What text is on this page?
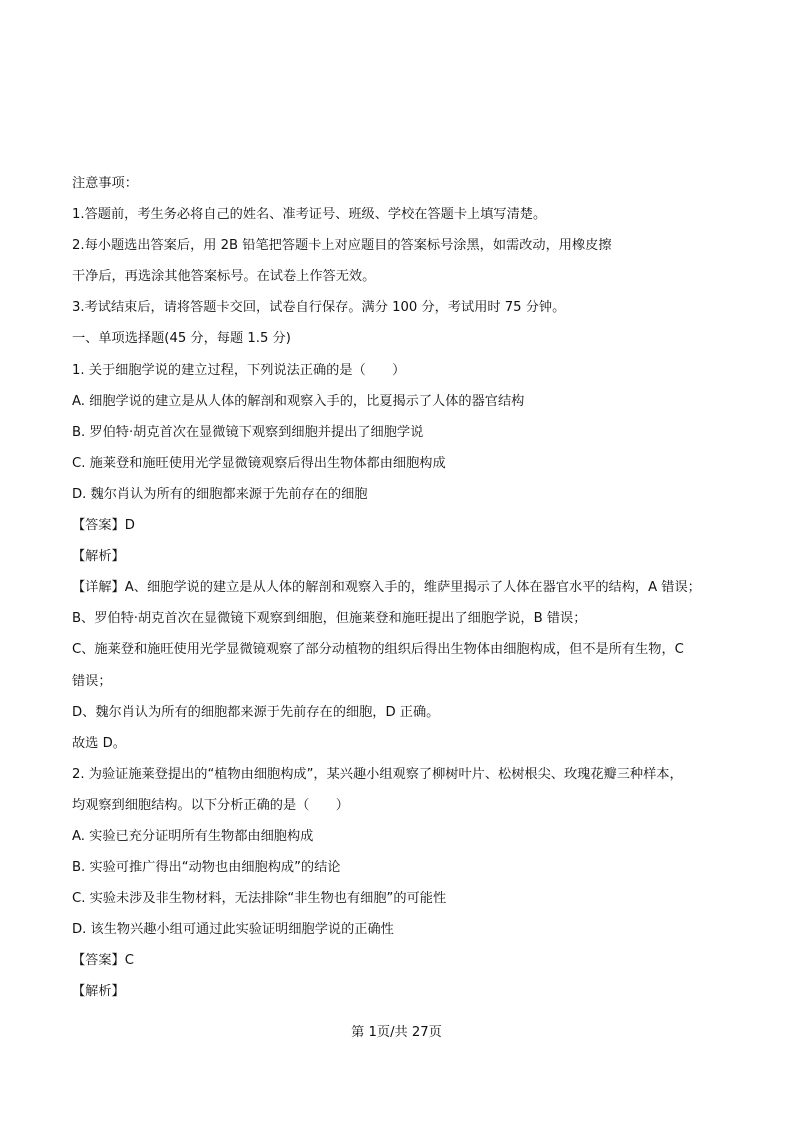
注意事项：
1.答题前，考生务必将自己的姓名、准考证号、班级、学校在答题卡上填写清楚。
2.每小题选出答案后，用 2B 铅笔把答题卡上对应题目的答案标号涂黑，如需改动，用橡皮擦
干净后，再选涂其他答案标号。在试卷上作答无效。
3.考试结束后，请将答题卡交回，试卷自行保存。满分 100 分，考试用时 75 分钟。
一、单项选择题(45 分，每题 1.5 分)
1. 关于细胞学说的建立过程，下列说法正确的是（　　）
A. 细胞学说的建立是从人体的解剖和观察入手的，比夏揭示了人体的器官结构
B. 罗伯特·胡克首次在显微镜下观察到细胞并提出了细胞学说
C. 施莱登和施旺使用光学显微镜观察后得出生物体都由细胞构成
D. 魏尔肖认为所有的细胞都来源于先前存在的细胞
【答案】D
【解析】
【详解】A、细胞学说的建立是从人体的解剖和观察入手的，维萨里揭示了人体在器官水平的结构，A 错误；
B、罗伯特·胡克首次在显微镜下观察到细胞，但施莱登和施旺提出了细胞学说，B 错误；
C、施莱登和施旺使用光学显微镜观察了部分动植物的组织后得出生物体由细胞构成，但不是所有生物，C
错误；
D、魏尔肖认为所有的细胞都来源于先前存在的细胞，D 正确。
故选 D。
2. 为验证施莱登提出的“植物由细胞构成”，某兴趣小组观察了柳树叶片、松树根尖、玫瑰花瓣三种样本，
均观察到细胞结构。以下分析正确的是（　　）
A. 实验已充分证明所有生物都由细胞构成
B. 实验可推广得出“动物也由细胞构成”的结论
C. 实验未涉及非生物材料，无法排除“非生物也有细胞”的可能性
D. 该生物兴趣小组可通过此实验证明细胞学说的正确性
【答案】C
【解析】
第 1页/共 27页
